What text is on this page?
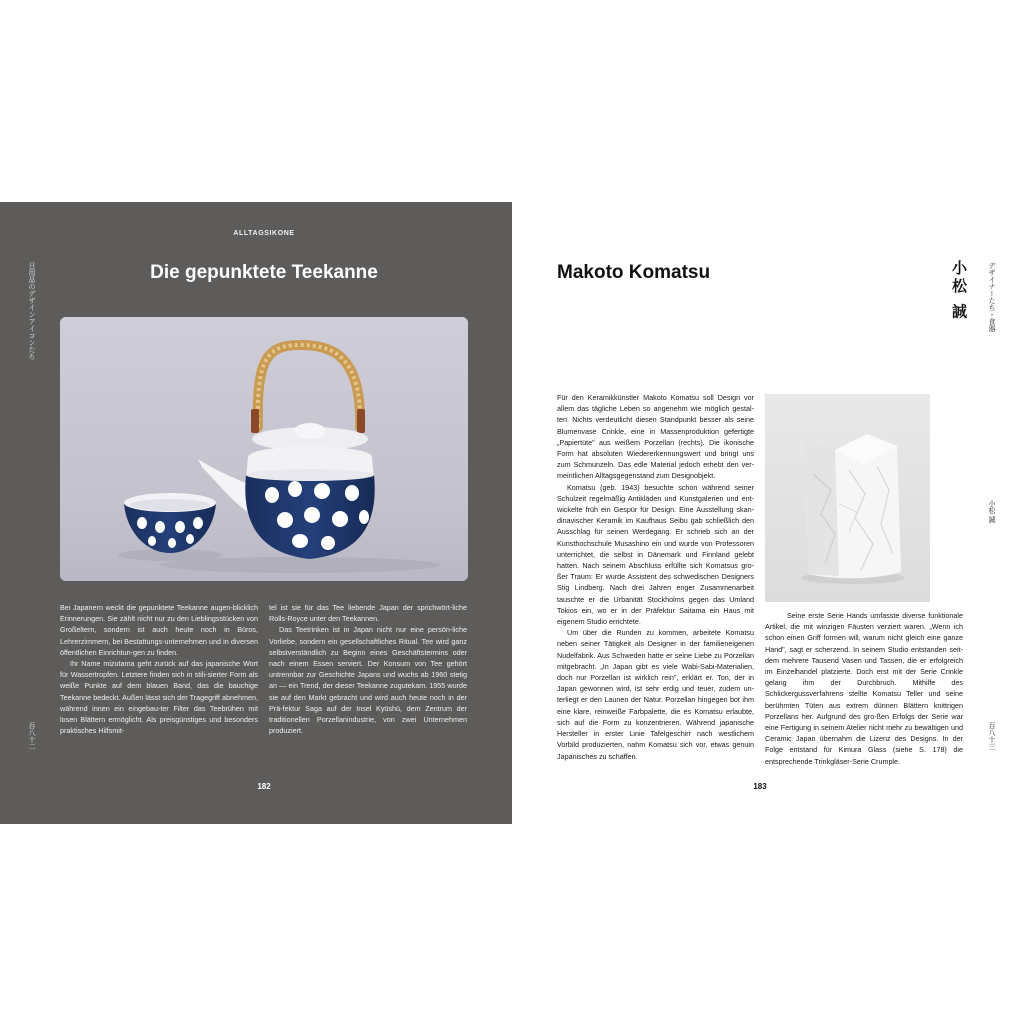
日用品のデザインアイコンたち
百八十二
ALLTAGSIKONE
Die gepunktete Teekanne

Bei Japanern weckt die gepunktete Teekanne augen-blicklich Erinnerungen. Sie zählt nicht nur zu den Lieblingsstücken von Großeltern, sondern ist auch heute noch in Büros, Lehrerzimmern, bei Bestattungs-unternehmen und in diversen öffentlichen Einrichtun-gen zu finden.

Ihr Name mizutama geht zurück auf das japanische Wort für Wassertropfen. Letztere finden sich in stili-sierter Form als weiße Punkte auf dem blauen Band, das die bauchige Teekanne bedeckt. Außen lässt sich der Tragegriff abnehmen, während innen ein eingebau-ter Filter das Teebrühen mit losen Blättern ermöglicht. Als preisgünstiges und besonders praktisches Hilfsmit-

tel ist sie für das Tee liebende Japan der sprichwört-liche Rolls-Royce unter den Teekannen.

Das Teetrinken ist in Japan nicht nur eine persön-liche Vorliebe, sondern ein gesellschaftliches Ritual. Tee wird ganz selbstverständlich zu Beginn eines Geschäftstermins oder nach einem Essen serviert. Der Konsum von Tee gehört untrennbar zur Geschichte Japans und wuchs ab 1960 stetig an — ein Trend, der dieser Teekanne zugutekam. 1955 wurde sie auf den Markt gebracht und wird auch heute noch in der Prä-fektur Saga auf der Insel Kyūshū, dem Zentrum der traditionellen Porzellanindustrie, von zwei Unternehmen produziert.

182
Makoto Komatsu	小松 誠	デザイナーたち・食器
小松 誠
百八十三

Für den Keramikkünstler Makoto Komatsu soll Design vor allem das tägliche Leben so angenehm wie möglich gestal-ten. Nichts verdeutlicht diesen Standpunkt besser als seine Blumenvase Crinkle, eine in Massenproduktion gefertigte „Papiertüte" aus weißem Porzellan (rechts). Die ikonische Form hat absoluten Wiedererkennungswert und bringt uns zum Schmunzeln. Das edle Material jedoch erhebt den ver-meintlichen Alltagsgegenstand zum Designobjekt.

Komatsu (geb. 1943) besuchte schon während seiner Schulzeit regelmäßig Antikläden und Kunstgalerien und ent-wickelte früh ein Gespür für Design. Eine Ausstellung skan-dinavischer Keramik im Kaufhaus Seibu gab schließlich den Ausschlag für seinen Werdegang. Er schrieb sich an der Kunsthochschule Musashino ein und wurde von Professoren unterrichtet, die selbst in Dänemark und Finnland gelebt hatten. Nach seinem Abschluss erfüllte sich Komatsus gro-ßer Traum: Er wurde Assistent des schwedischen Designers Stig Lindberg. Nach drei Jahren enger Zusammenarbeit tauschte er die Urbanität Stockholms gegen das Umland Tokios ein, wo er in der Präfektur Saitama ein Haus mit eigenem Studio errichtete.

Um über die Runden zu kommen, arbeitete Komatsu neben seiner Tätigkeit als Designer in der familieneigenen Nudelfabrik. Aus Schweden hatte er seine Liebe zu Porzellan mitgebracht. „In Japan gibt es viele Wabi-Sabi-Materialien, doch nur Porzellan ist wirklich rein", erklärt er. Ton, der in Japan gewonnen wird, ist sehr erdig und teuer, zudem un-terliegt er den Launen der Natur. Porzellan hingegen bot ihm eine klare, reinweiße Farbpalette, die es Komatsu erlaubte, sich auf die Form zu konzentrieren. Während japanische Hersteller in erster Linie Tafelgeschirr nach westlichem Vorbild produzierten, nahm Komatsu sich vor, etwas genuin Japanisches zu schaffen.

Seine erste Serie Hands umfasste diverse funktionale Artikel, die mit winzigen Fäusten verziert waren. „Wenn ich schon einen Griff formen will, warum nicht gleich eine ganze Hand", sagt er scherzend. In seinem Studio entstanden seit-dem mehrere Tausend Vasen und Tassen, die er erfolgreich im Einzelhandel platzierte. Doch erst mit der Serie Crinkle gelang ihm der Durchbruch. Mithilfe des Schlickergussverfahrens stellte Komatsu Teller und seine berühmten Tüten aus extrem dünnen Blättern knittrigen Porzellans her. Aufgrund des gro-ßen Erfolgs der Serie war eine Fertigung in seinem Atelier nicht mehr zu bewältigen und Ceramic Japan übernahm die Lizenz des Designs. In der Folge entstand für Kimura Glass (siehe S. 178) die entsprechende Trinkgläser-Serie Crumple.

183
